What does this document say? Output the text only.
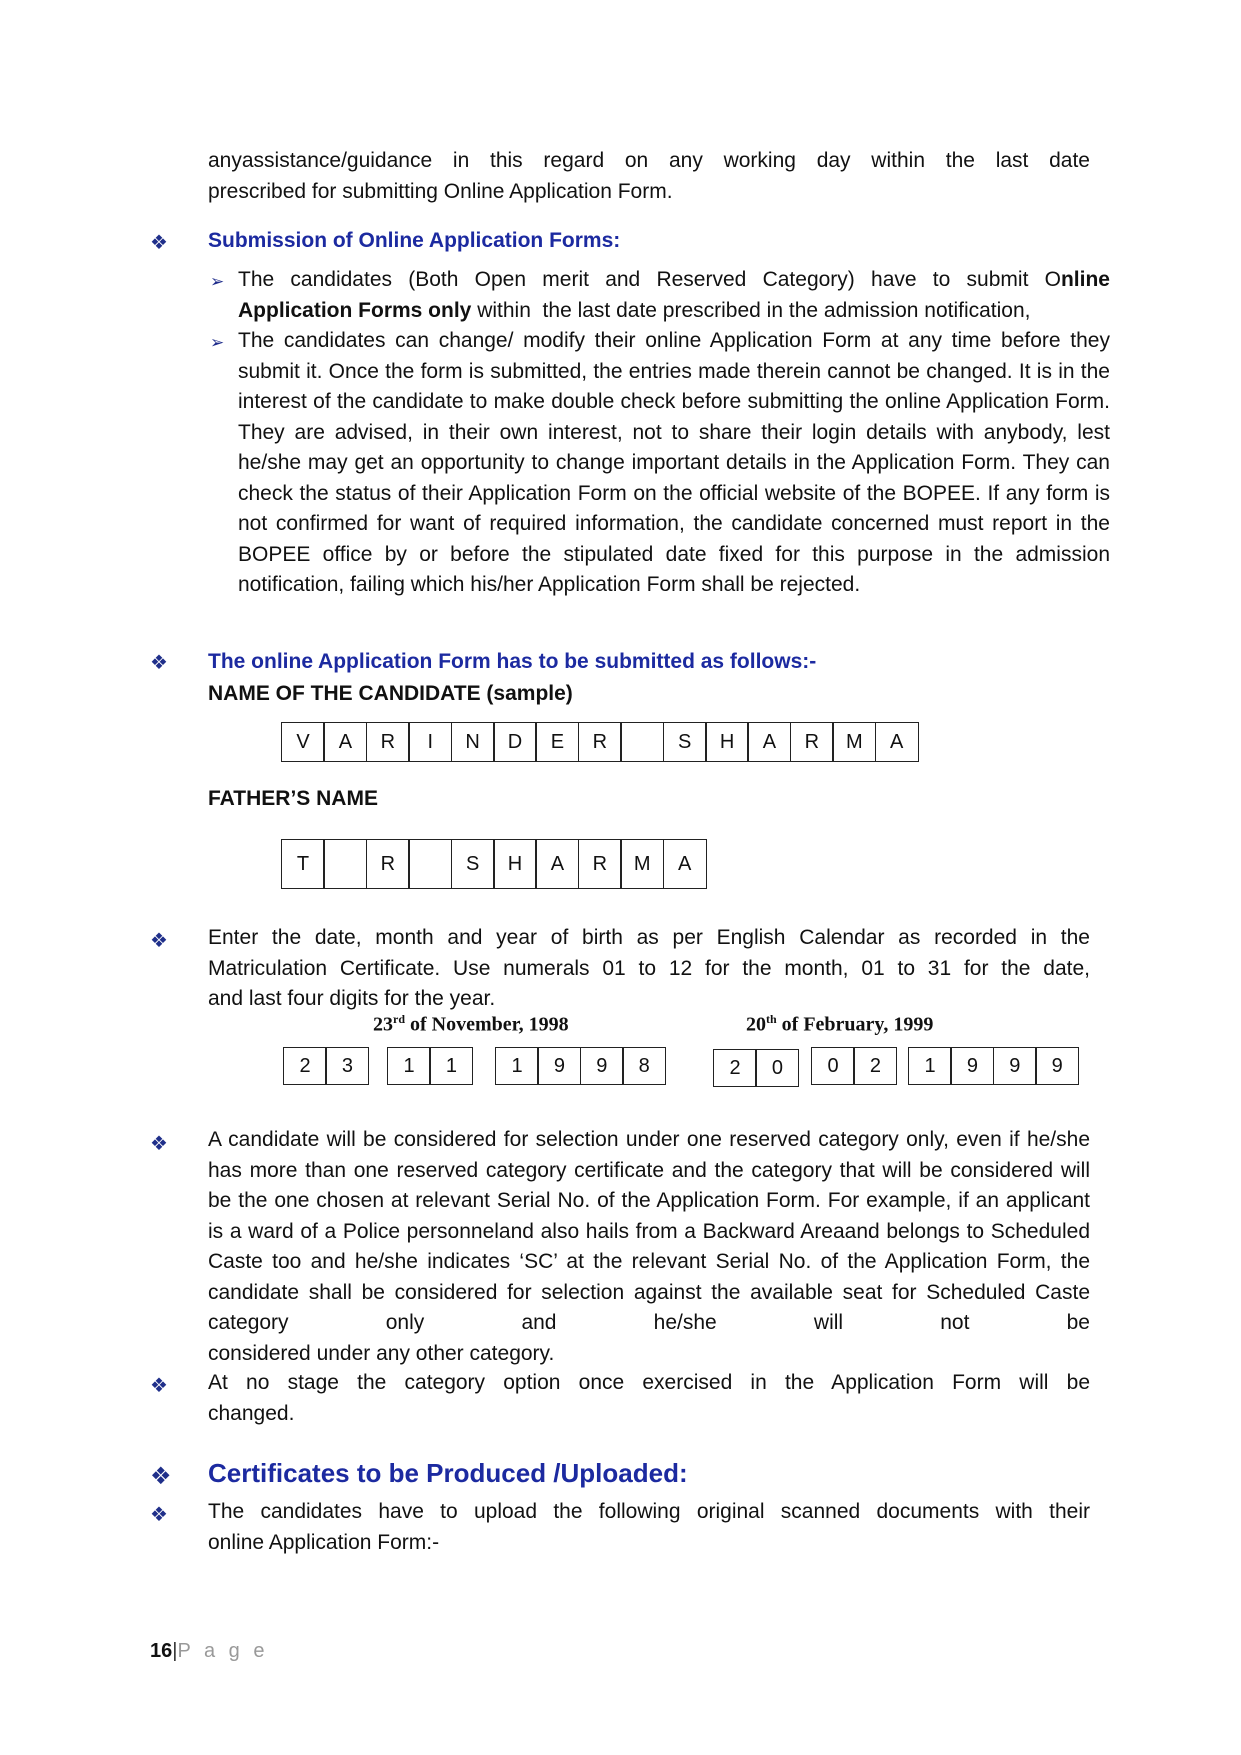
anyassistance/guidance in this regard on any working day within the last date
prescribed for submitting Online Application Form.
❖ Submission of Online Application Forms:
➢ The candidates (Both Open merit and Reserved Category) have to submit Online
Application Forms only within  the last date prescribed in the admission notification,
➢ The candidates can change/ modify their online Application Form at any time before they submit it. Once the form is submitted, the entries made therein cannot be changed. It is in the interest of the candidate to make double check before submitting the online Application Form. They are advised, in their own interest, not to share their login details with anybody, lest he/she may get an opportunity to change important details in the Application Form. They can check the status of their Application Form on the official website of the BOPEE. If any form is not confirmed for want of required information, the candidate concerned must report in the BOPEE office by or before the stipulated date fixed for this purpose in the admission
notification, failing which his/her Application Form shall be rejected.
❖ The online Application Form has to be submitted as follows:-
NAME OF THE CANDIDATE (sample)
V	A	R	I	N	D	E	R	S	H	A	R	M	A
FATHER’S NAME
T	R	S	H	A	R	M	A
❖ Enter the date, month and year of birth as per English Calendar as recorded in the Matriculation Certificate. Use numerals 01 to 12 for the month, 01 to 31 for the date,
and last four digits for the year.
23rd of November, 1998	20th of February, 1999
2	3	1	1	1	9	9	8	2	0	0	2	1	9	9	9
❖ A candidate will be considered for selection under one reserved category only, even if he/she has more than one reserved category certificate and the category that will be considered will be the one chosen at relevant Serial No. of the Application Form. For example, if an applicant is a ward of a Police personneland also hails from a Backward Areaand belongs to Scheduled Caste too and he/she indicates ‘SC’ at the relevant Serial No. of the Application Form, the candidate shall be considered for selection against the available seat for Scheduled Caste category only and he/she will not be
considered under any other category.
❖ At no stage the category option once exercised in the Application Form will be
changed.
❖ Certificates to be Produced /Uploaded:
❖ The candidates have to upload the following original scanned documents with their
online Application Form:-
16|P a g e
